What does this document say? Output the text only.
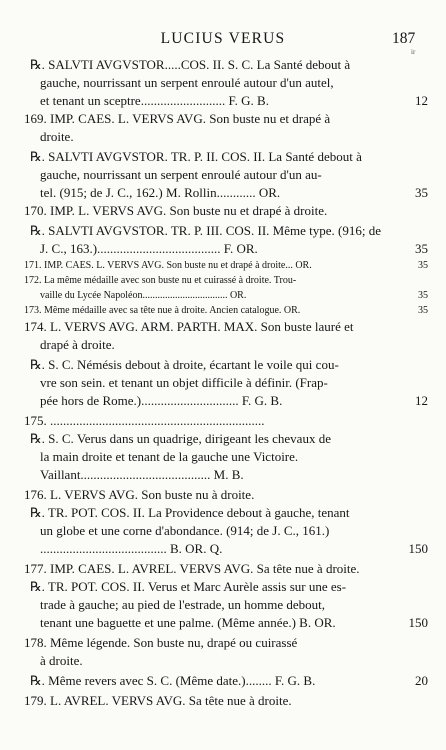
LUCIUS VERUS	187
ir
℞. SALVTI AVGVSTOR.....COS. II. S. C. La Santé debout à
gauche, nourrissant un serpent enroulé autour d'un autel,
et tenant un sceptre.......................... F. G. B.	12
169. IMP. CAES. L. VERVS AVG. Son buste nu et drapé à
droite.
℞. SALVTI AVGVSTOR. TR. P. II. COS. II. La Santé debout à
gauche, nourrissant un serpent enroulé autour d'un au-
tel. (915; de J. C., 162.) M. Rollin............ OR.	35
170. IMP. L. VERVS AVG. Son buste nu et drapé à droite.
℞. SALVTI AVGVSTOR. TR. P. III. COS. II. Même type. (916; de
J. C., 163.)...................................... F. OR.	35
171. IMP. CAES. L. VERVS AVG. Son buste nu et drapé à droite... OR.	35
172. La même médaille avec son buste nu et cuirassé à droite. Trou-
vaille du Lycée Napoléon.................................. OR.	35
173. Même médaille avec sa tête nue à droite. Ancien catalogue. OR.	35
174. L. VERVS AVG. ARM. PARTH. MAX. Son buste lauré et
drapé à droite.
℞. S. C. Némésis debout à droite, écartant le voile qui cou-
vre son sein. et tenant un objet difficile à définir. (Frap-
pée hors de Rome.).............................. F. G. B.	12
175. ..................................................................
℞. S. C. Verus dans un quadrige, dirigeant les chevaux de
la main droite et tenant de la gauche une Victoire.
Vaillant........................................ M. B.
176. L. VERVS AVG. Son buste nu à droite.
℞. TR. POT. COS. II. La Providence debout à gauche, tenant
un globe et une corne d'abondance. (914; de J. C., 161.)
....................................... B. OR. Q.	150
177. IMP. CAES. L. AVREL. VERVS AVG. Sa tête nue à droite.
℞. TR. POT. COS. II. Verus et Marc Aurèle assis sur une es-
trade à gauche; au pied de l'estrade, un homme debout,
tenant une baguette et une palme. (Même année.) B. OR.	150
178. Même légende. Son buste nu, drapé ou cuirassé
à droite.
℞. Même revers avec S. C. (Même date.)........ F. G. B.	20
179. L. AVREL. VERVS AVG. Sa tête nue à droite.
